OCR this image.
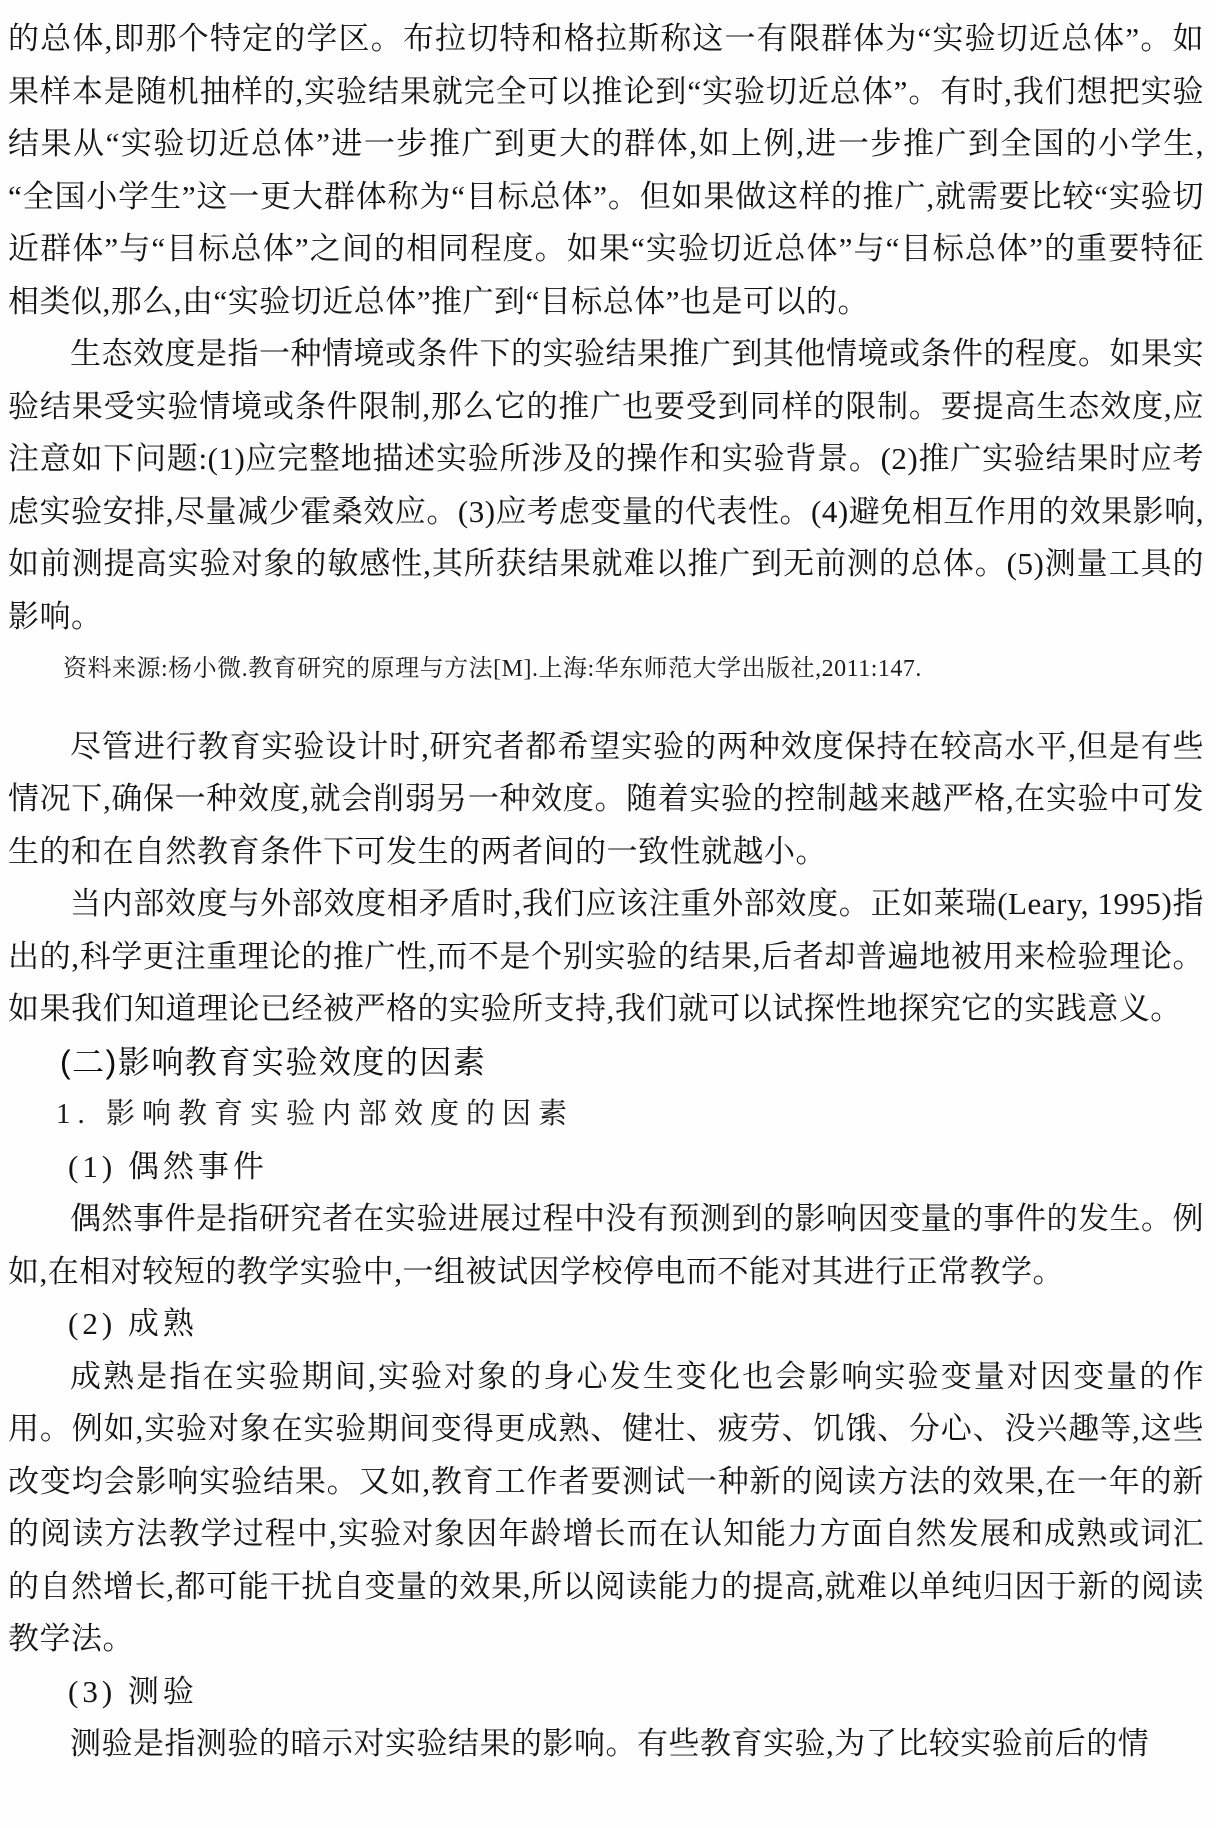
的总体,即那个特定的学区。布拉切特和格拉斯称这一有限群体为“实验切近总体”。如果样本是随机抽样的,实验结果就完全可以推论到“实验切近总体”。有时,我们想把实验结果从“实验切近总体”进一步推广到更大的群体,如上例,进一步推广到全国的小学生,“全国小学生”这一更大群体称为“目标总体”。但如果做这样的推广,就需要比较“实验切近群体”与“目标总体”之间的相同程度。如果“实验切近总体”与“目标总体”的重要特征相类似,那么,由“实验切近总体”推广到“目标总体”也是可以的。

生态效度是指一种情境或条件下的实验结果推广到其他情境或条件的程度。如果实验结果受实验情境或条件限制,那么它的推广也要受到同样的限制。要提高生态效度,应注意如下问题:(1)应完整地描述实验所涉及的操作和实验背景。(2)推广实验结果时应考虑实验安排,尽量减少霍桑效应。(3)应考虑变量的代表性。(4)避免相互作用的效果影响,如前测提高实验对象的敏感性,其所获结果就难以推广到无前测的总体。(5)测量工具的影响。

资料来源:杨小微.教育研究的原理与方法[M].上海:华东师范大学出版社,2011:147.

尽管进行教育实验设计时,研究者都希望实验的两种效度保持在较高水平,但是有些情况下,确保一种效度,就会削弱另一种效度。随着实验的控制越来越严格,在实验中可发生的和在自然教育条件下可发生的两者间的一致性就越小。

当内部效度与外部效度相矛盾时,我们应该注重外部效度。正如莱瑞(Leary, 1995)指出的,科学更注重理论的推广性,而不是个别实验的结果,后者却普遍地被用来检验理论。如果我们知道理论已经被严格的实验所支持,我们就可以试探性地探究它的实践意义。

(二)影响教育实验效度的因素
1. 影响教育实验内部效度的因素
(1) 偶然事件

偶然事件是指研究者在实验进展过程中没有预测到的影响因变量的事件的发生。例如,在相对较短的教学实验中,一组被试因学校停电而不能对其进行正常教学。

(2) 成熟

成熟是指在实验期间,实验对象的身心发生变化也会影响实验变量对因变量的作用。例如,实验对象在实验期间变得更成熟、健壮、疲劳、饥饿、分心、没兴趣等,这些改变均会影响实验结果。又如,教育工作者要测试一种新的阅读方法的效果,在一年的新的阅读方法教学过程中,实验对象因年龄增长而在认知能力方面自然发展和成熟或词汇的自然增长,都可能干扰自变量的效果,所以阅读能力的提高,就难以单纯归因于新的阅读教学法。

(3) 测验

测验是指测验的暗示对实验结果的影响。有些教育实验,为了比较实验前后的情
